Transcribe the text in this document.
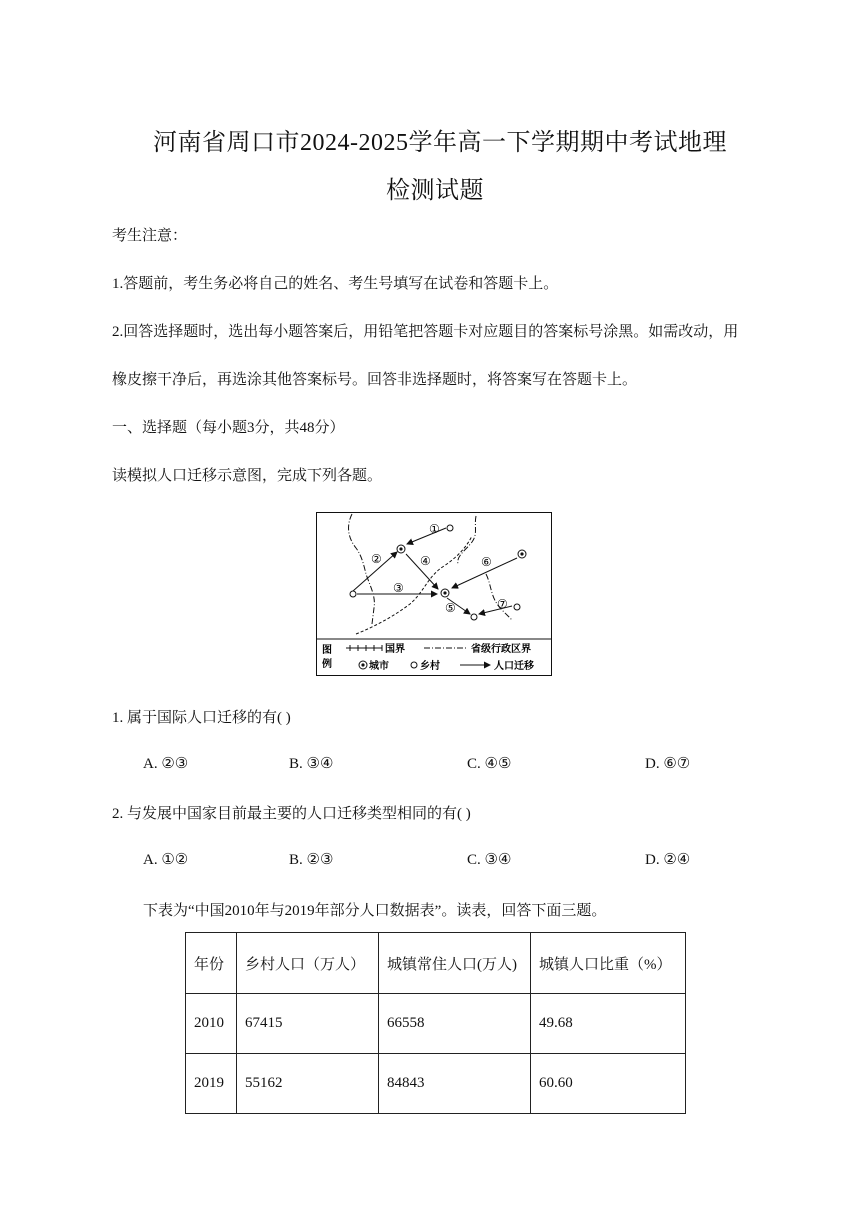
河南省周口市2024-2025学年高一下学期期中考试地理
检测试题
考生注意：
1.答题前，考生务必将自己的姓名、考生号填写在试卷和答题卡上。
2.回答选择题时，选出每小题答案后，用铅笔把答题卡对应题目的答案标号涂黑。如需改动，用
橡皮擦干净后，再选涂其他答案标号。回答非选择题时，将答案写在答题卡上。
一、选择题（每小题3分，共48分）
读模拟人口迁移示意图，完成下列各题。
①
②
③
④
⑤
⑥
⑦
图
例
国界	省级行政区界
城市	乡村	人口迁移
1. 属于国际人口迁移的有( )
A. ②③	B. ③④	C. ④⑤	D. ⑥⑦
2. 与发展中国家目前最主要的人口迁移类型相同的有( )
A. ①②	B. ②③	C. ③④	D. ②④
下表为“中国2010年与2019年部分人口数据表”。读表，回答下面三题。
年份	乡村人口（万人）	城镇常住人口(万人)	城镇人口比重（%）
2010	67415	66558	49.68
2019	55162	84843	60.60
